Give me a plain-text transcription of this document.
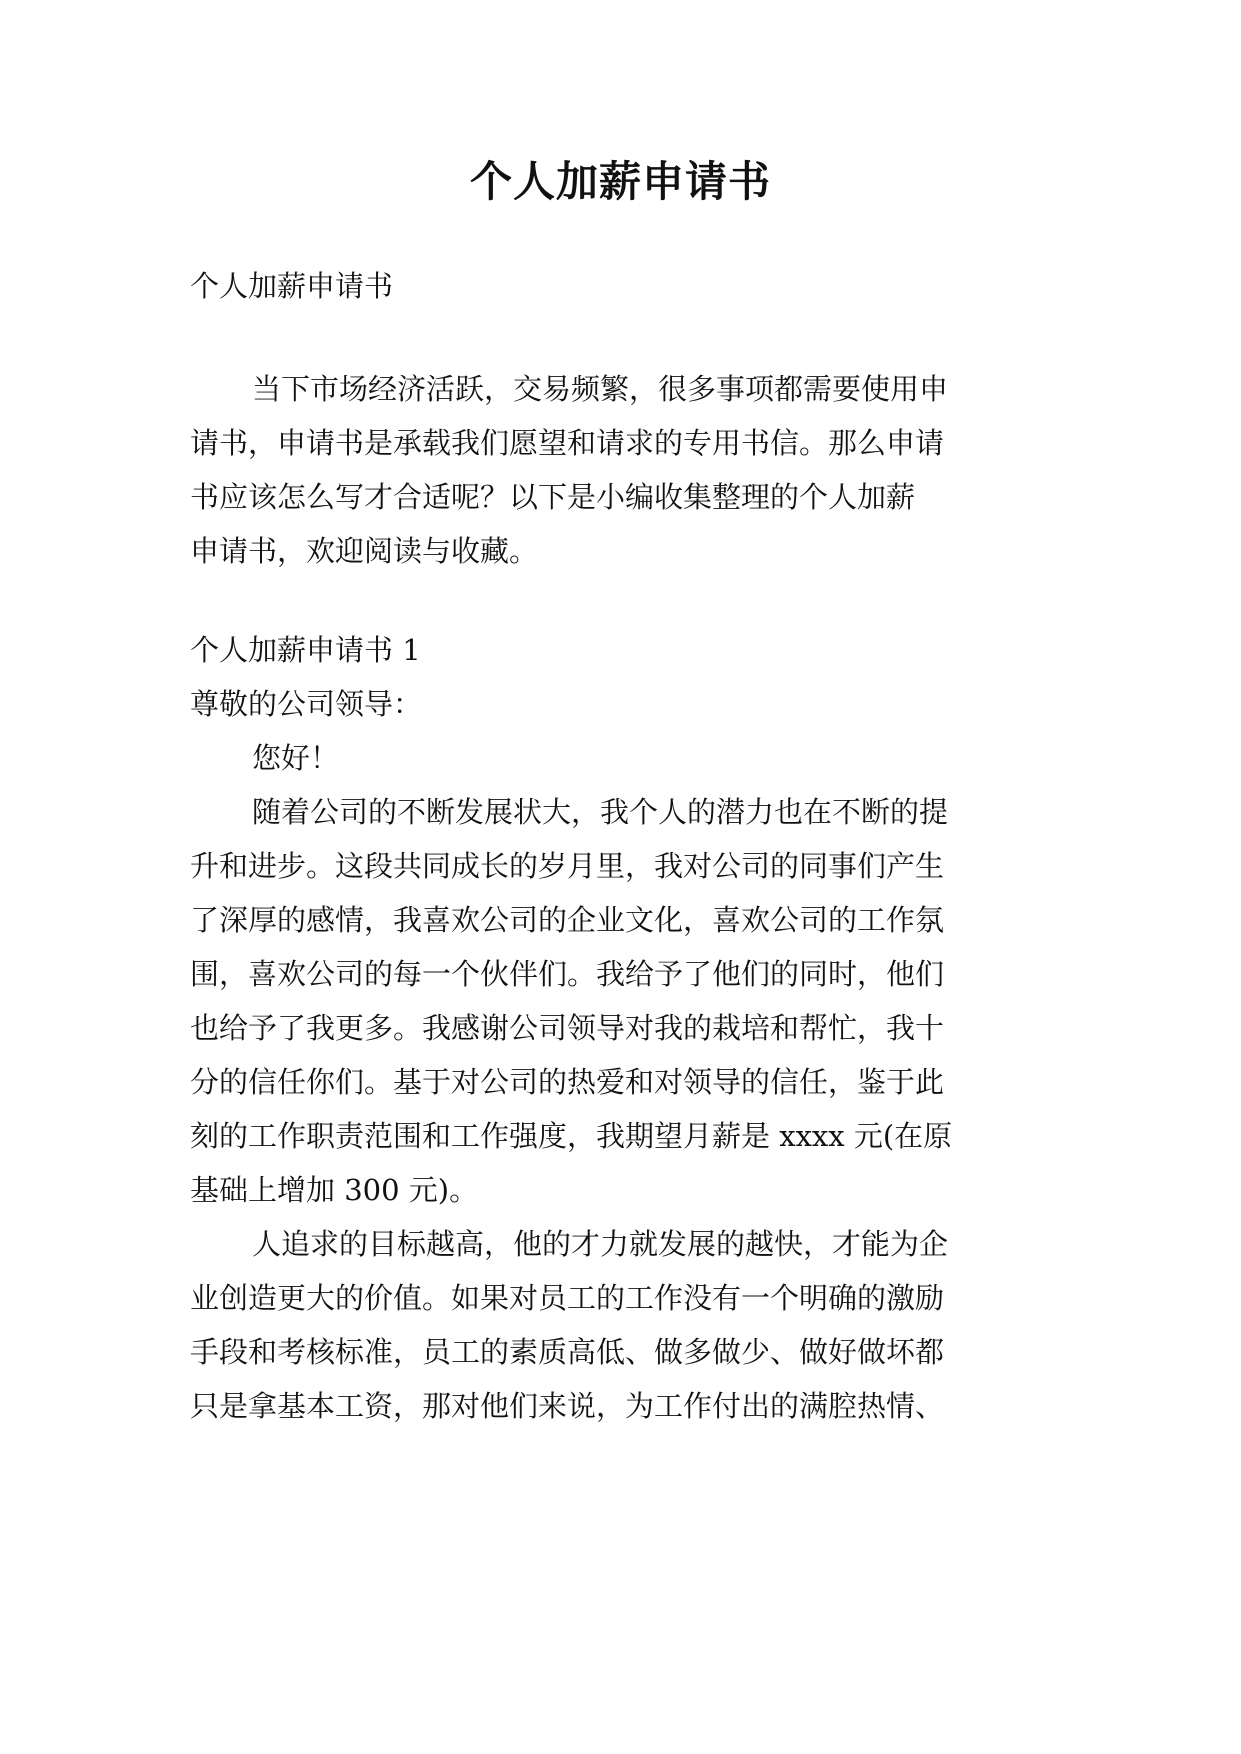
个人加薪申请书
个人加薪申请书
当下市场经济活跃，交易频繁，很多事项都需要使用申
请书，申请书是承载我们愿望和请求的专用书信。那么申请
书应该怎么写才合适呢？以下是小编收集整理的个人加薪
申请书，欢迎阅读与收藏。
个人加薪申请书 1
尊敬的公司领导：
您好！
随着公司的不断发展状大，我个人的潜力也在不断的提
升和进步。这段共同成长的岁月里，我对公司的同事们产生
了深厚的感情，我喜欢公司的企业文化，喜欢公司的工作氛
围，喜欢公司的每一个伙伴们。我给予了他们的同时，他们
也给予了我更多。我感谢公司领导对我的栽培和帮忙，我十
分的信任你们。基于对公司的热爱和对领导的信任，鉴于此
刻的工作职责范围和工作强度，我期望月薪是 xxxx 元(在原
基础上增加 300 元)。
人追求的目标越高，他的才力就发展的越快，才能为企
业创造更大的价值。如果对员工的工作没有一个明确的激励
手段和考核标准，员工的素质高低、做多做少、做好做坏都
只是拿基本工资，那对他们来说，为工作付出的满腔热情、
